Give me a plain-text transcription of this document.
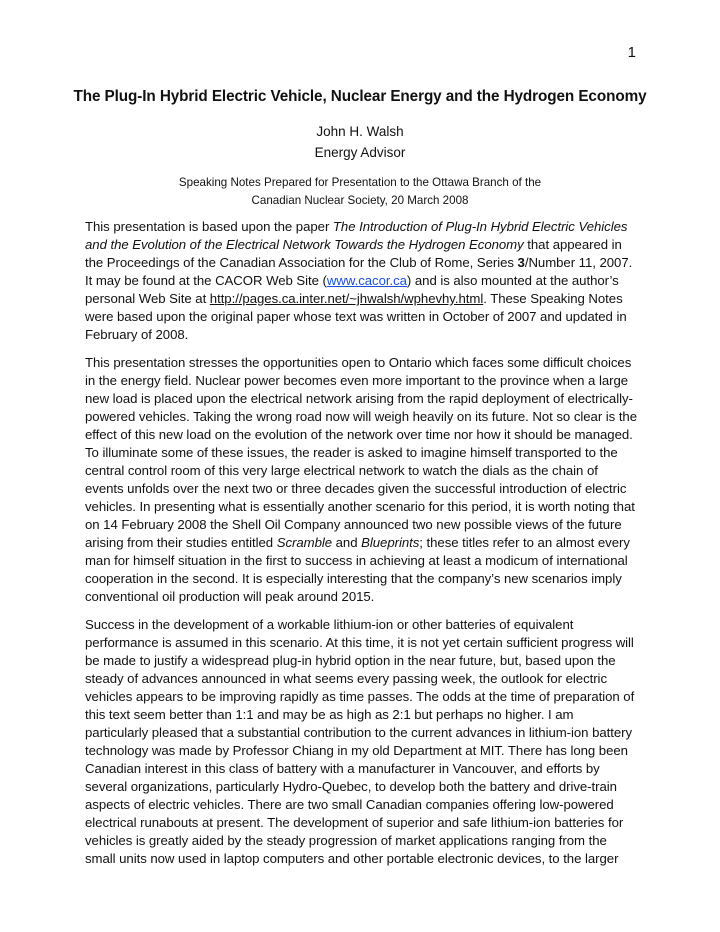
1
The Plug-In Hybrid Electric Vehicle, Nuclear Energy and the Hydrogen Economy
John H. Walsh
Energy Advisor
Speaking Notes Prepared for Presentation to the Ottawa Branch of the
Canadian Nuclear Society, 20 March 2008

This presentation is based upon the paper The Introduction of Plug-In Hybrid Electric Vehicles and the Evolution of the Electrical Network Towards the Hydrogen Economy that appeared in the Proceedings of the Canadian Association for the Club of Rome, Series 3/Number 11, 2007. It may be found at the CACOR Web Site (www.cacor.ca) and is also mounted at the author’s personal Web Site at http://pages.ca.inter.net/~jhwalsh/wphevhy.html. These Speaking Notes were based upon the original paper whose text was written in October of 2007 and updated in February of 2008.

This presentation stresses the opportunities open to Ontario which faces some difficult choices in the energy field. Nuclear power becomes even more important to the province when a large new load is placed upon the electrical network arising from the rapid deployment of electrically-powered vehicles. Taking the wrong road now will weigh heavily on its future. Not so clear is the effect of this new load on the evolution of the network over time nor how it should be managed. To illuminate some of these issues, the reader is asked to imagine himself transported to the central control room of this very large electrical network to watch the dials as the chain of events unfolds over the next two or three decades given the successful introduction of electric vehicles. In presenting what is essentially another scenario for this period, it is worth noting that on 14 February 2008 the Shell Oil Company announced two new possible views of the future arising from their studies entitled Scramble and Blueprints; these titles refer to an almost every man for himself situation in the first to success in achieving at least a modicum of international cooperation in the second. It is especially interesting that the company’s new scenarios imply conventional oil production will peak around 2015.

Success in the development of a workable lithium-ion or other batteries of equivalent performance is assumed in this scenario. At this time, it is not yet certain sufficient progress will be made to justify a widespread plug-in hybrid option in the near future, but, based upon the steady of advances announced in what seems every passing week, the outlook for electric vehicles appears to be improving rapidly as time passes. The odds at the time of preparation of this text seem better than 1:1 and may be as high as 2:1 but perhaps no higher. I am particularly pleased that a substantial contribution to the current advances in lithium-ion battery technology was made by Professor Chiang in my old Department at MIT. There has long been Canadian interest in this class of battery with a manufacturer in Vancouver, and efforts by several organizations, particularly Hydro-Quebec, to develop both the battery and drive-train aspects of electric vehicles. There are two small Canadian companies offering low-powered electrical runabouts at present. The development of superior and safe lithium-ion batteries for vehicles is greatly aided by the steady progression of market applications ranging from the small units now used in laptop computers and other portable electronic devices, to the larger
